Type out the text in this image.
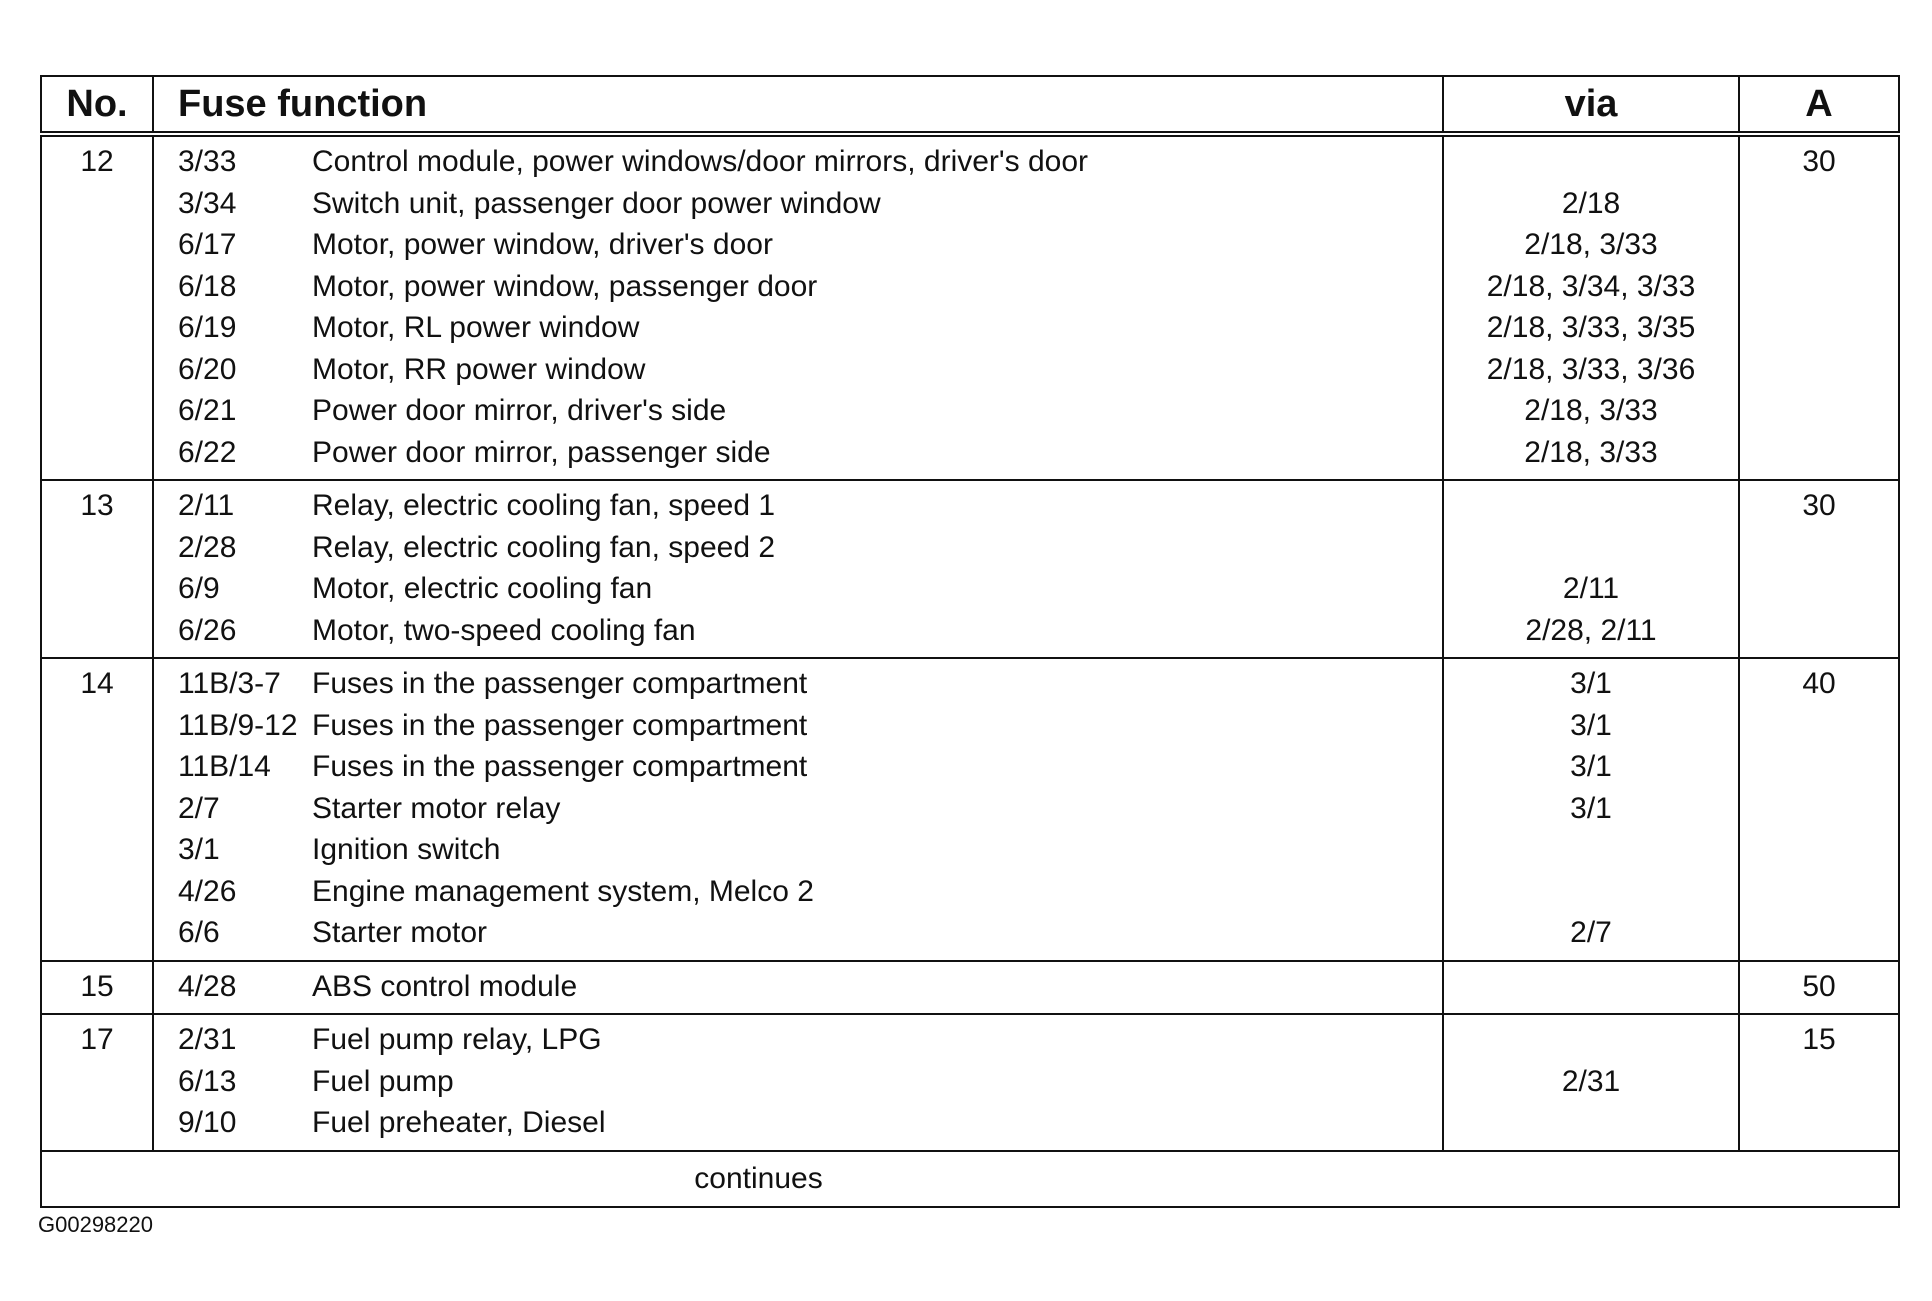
No.	Fuse function		via	A
12	3/33	Control module, power windows/door mirrors, driver's door		30
	3/34	Switch unit, passenger door power window	2/18	
	6/17	Motor, power window, driver's door	2/18, 3/33	
	6/18	Motor, power window, passenger door	2/18, 3/34, 3/33	
	6/19	Motor, RL power window	2/18, 3/33, 3/35	
	6/20	Motor, RR power window	2/18, 3/33, 3/36	
	6/21	Power door mirror, driver's side	2/18, 3/33	
	6/22	Power door mirror, passenger side	2/18, 3/33	
13	2/11	Relay, electric cooling fan, speed 1		30
	2/28	Relay, electric cooling fan, speed 2		
	6/9	Motor, electric cooling fan	2/11	
	6/26	Motor, two-speed cooling fan	2/28, 2/11	
14	11B/3-7	Fuses in the passenger compartment	3/1	40
	11B/9-12	Fuses in the passenger compartment	3/1	
	11B/14	Fuses in the passenger compartment	3/1	
	2/7	Starter motor relay	3/1	
	3/1	Ignition switch		
	4/26	Engine management system, Melco 2		
	6/6	Starter motor	2/7	
15	4/28	ABS control module		50
17	2/31	Fuel pump relay, LPG		15
	6/13	Fuel pump	2/31	
	9/10	Fuel preheater, Diesel		
	continues			
G00298220
